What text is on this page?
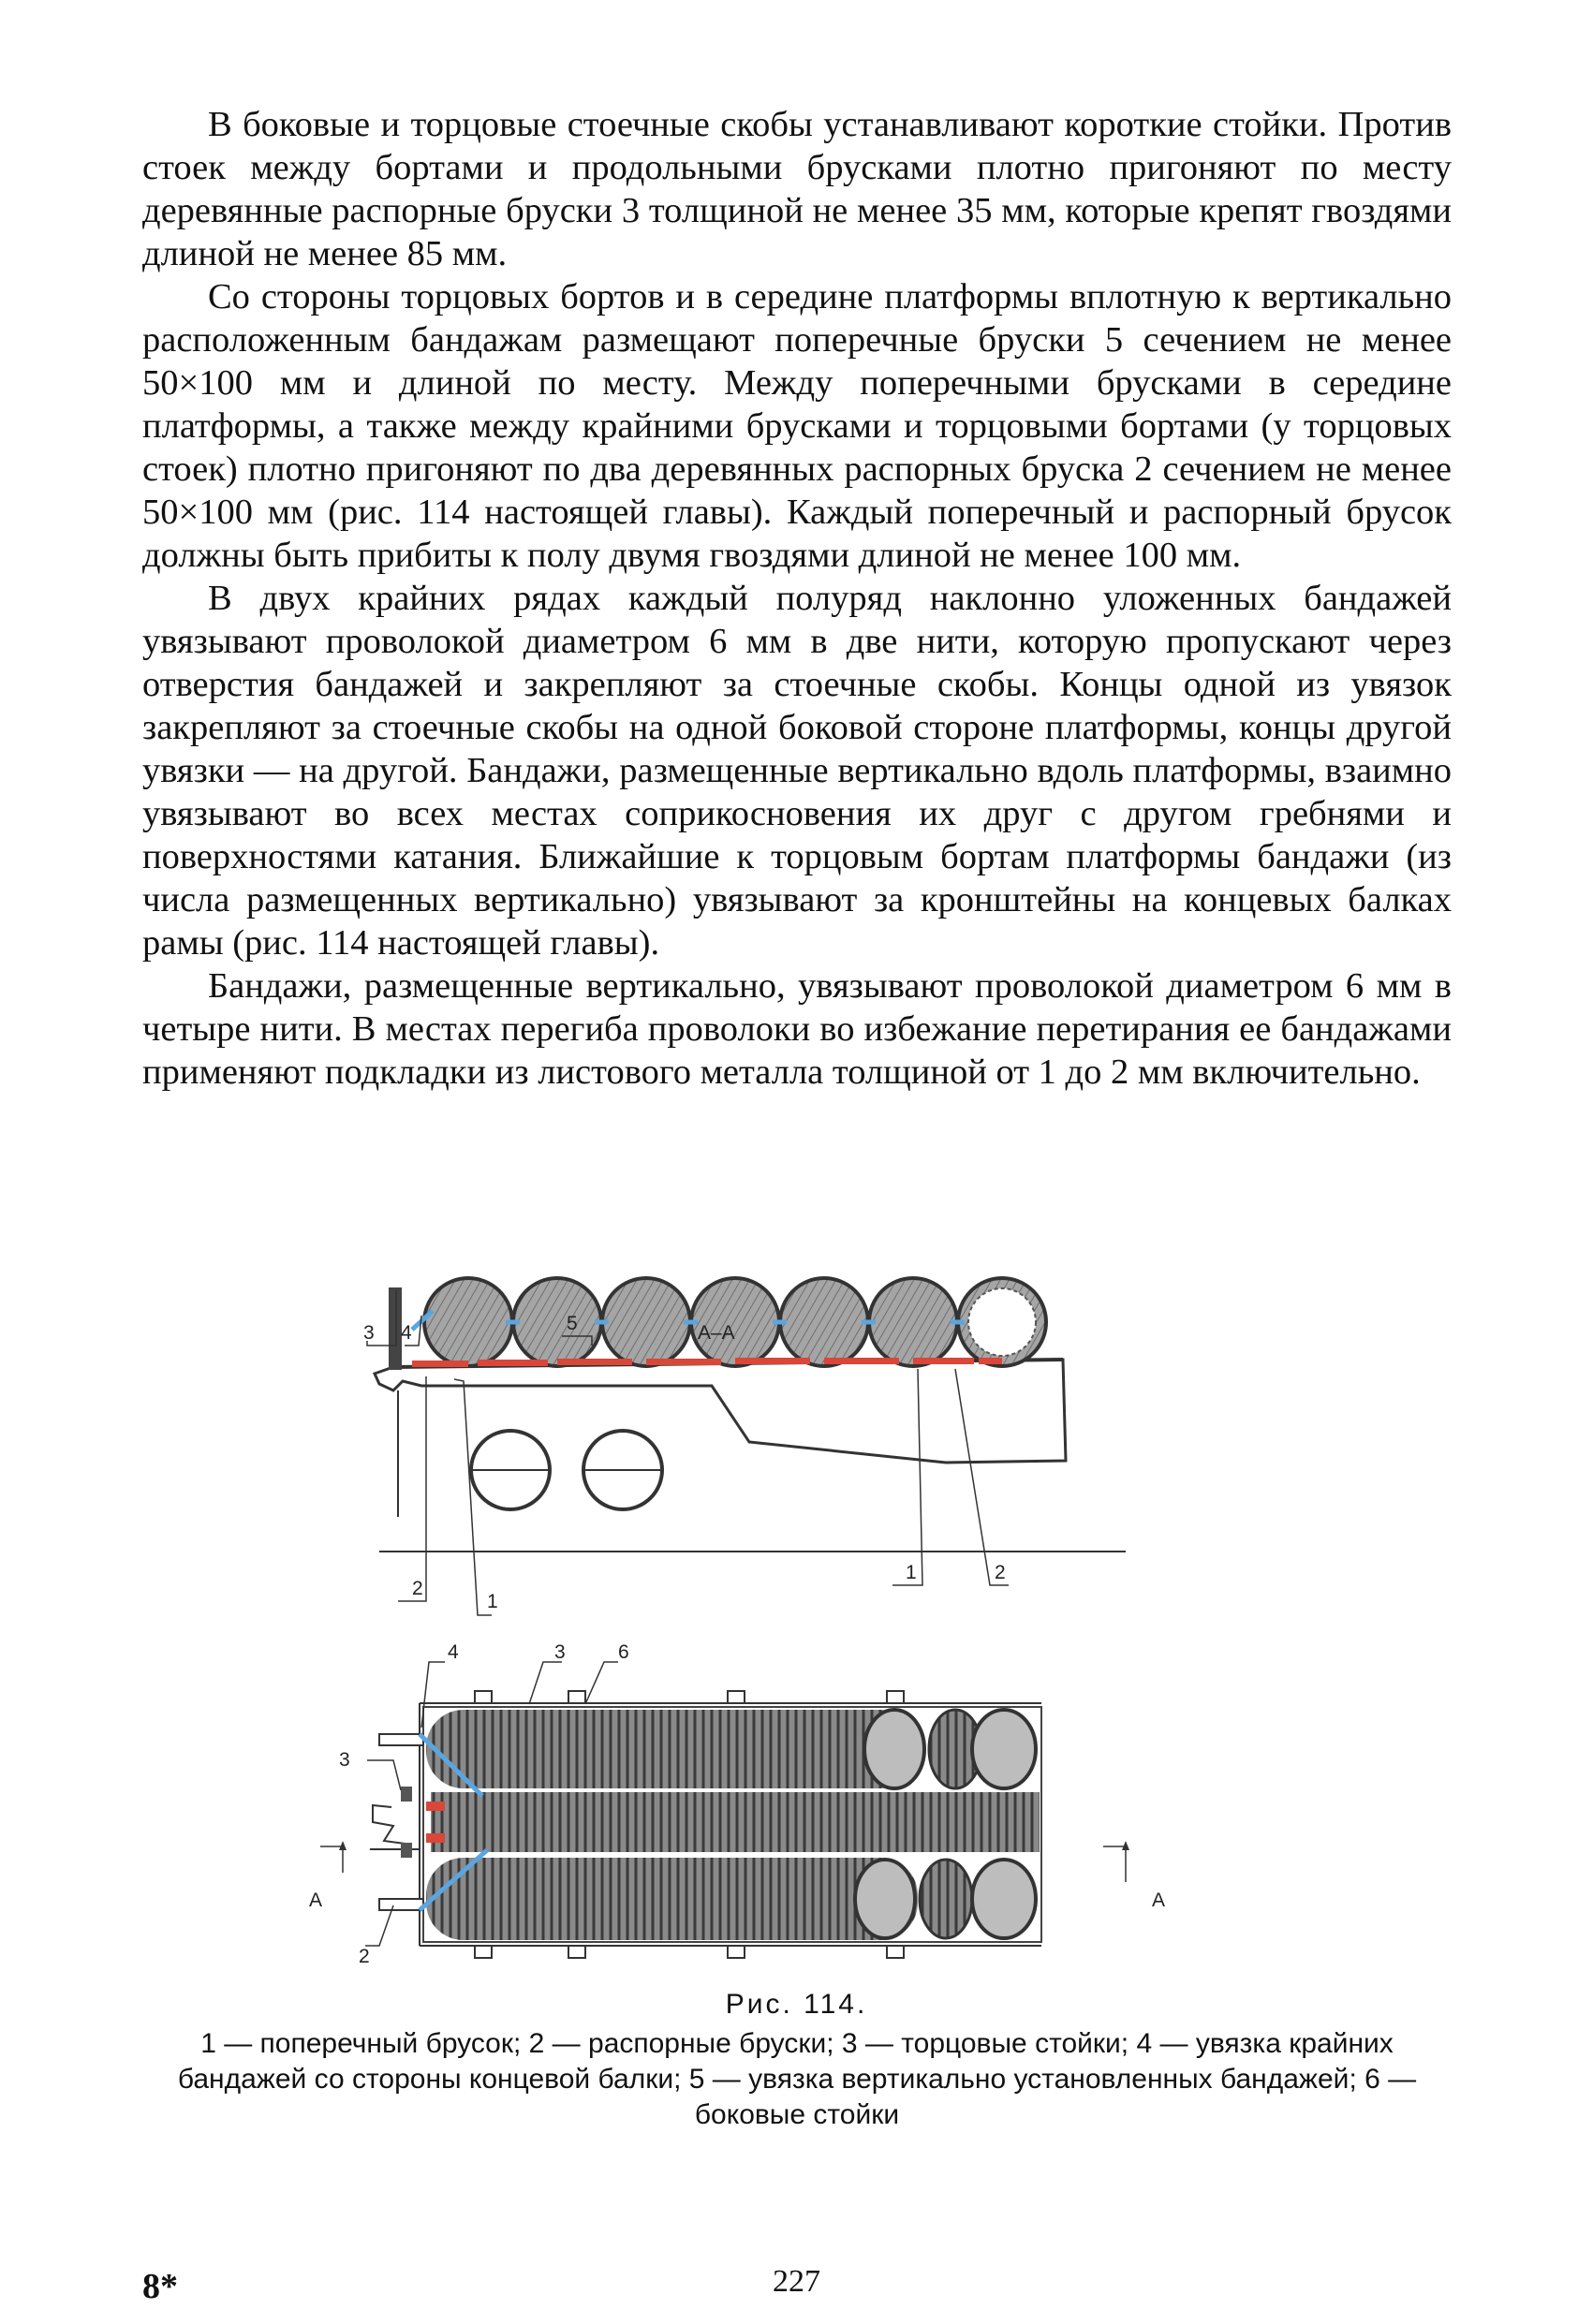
В боковые и торцовые стоечные скобы устанавливают короткие стойки. Против стоек между бортами и продольными брусками плотно пригоняют по месту деревянные распорные бруски 3 толщиной не менее 35 мм, которые крепят гвоздями длиной не менее 85 мм.

Со стороны торцовых бортов и в середине платформы вплотную к вертикально расположенным бандажам размещают поперечные бруски 5 сечением не менее 50×100 мм и длиной по месту. Между поперечными брусками в середине платформы, а также между крайними брусками и торцовыми бортами (у торцовых стоек) плотно пригоняют по два деревянных распорных бруска 2 сечением не менее 50×100 мм (рис. 114 настоящей главы). Каждый поперечный и распорный брусок должны быть прибиты к полу двумя гвоздями длиной не менее 100 мм.

В двух крайних рядах каждый полуряд наклонно уложенных бандажей увязывают проволокой диаметром 6 мм в две нити, которую пропускают через отверстия бандажей и закрепляют за стоечные скобы. Концы одной из увязок закрепляют за стоечные скобы на одной боковой стороне платформы, концы другой увязки — на другой. Бандажи, размещенные вертикально вдоль платформы, взаимно увязывают во всех местах соприкосновения их друг с другом гребнями и поверхностями катания. Ближайшие к торцовым бортам платформы бандажи (из числа размещенных вертикально) увязывают за кронштейны на концевых балках рамы (рис. 114 настоящей главы).

Бандажи, размещенные вертикально, увязывают проволокой диаметром 6 мм в четыре нити. В местах перегиба проволоки во избежание перетирания ее бандажами применяют подкладки из листового металла толщиной от 1 до 2 мм включительно.

3 4	5	А–А
2
1
1	2
4	3	6
3
2
А	А
Рис. 114.
1 — поперечный брусок; 2 — распорные бруски; 3 — торцовые стойки; 4 — увязка крайних бандажей со стороны концевой балки; 5 — увязка вертикально установленных бандажей; 6 — боковые стойки
8*	227
